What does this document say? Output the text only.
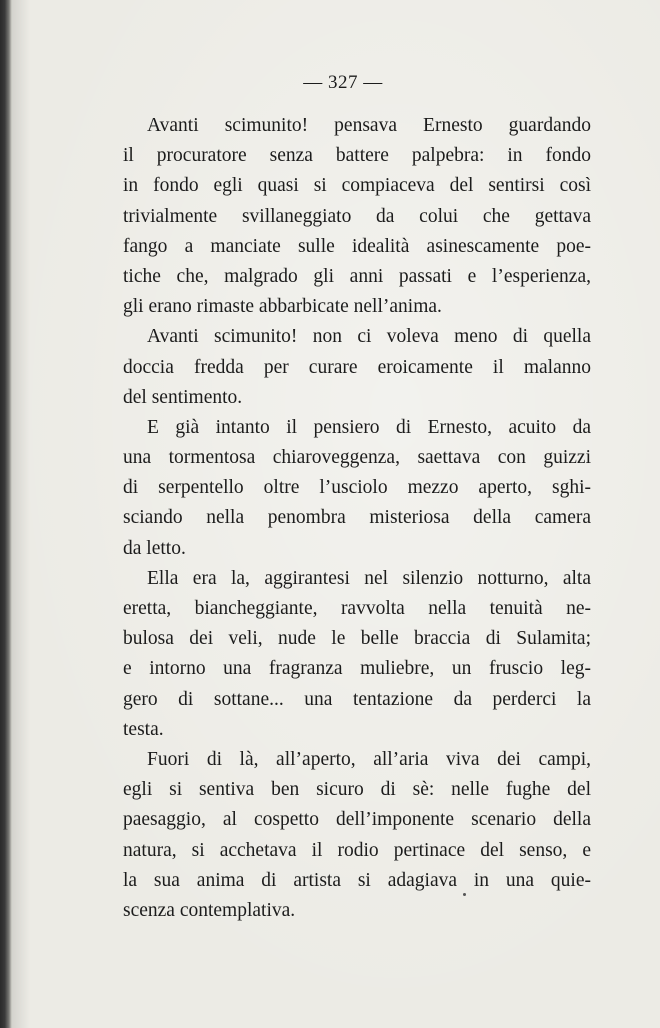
— 327 —
Avanti scimunito! pensava Ernesto guardando
il procuratore senza battere palpebra: in fondo
in fondo egli quasi si compiaceva del sentirsi così
trivialmente svillaneggiato da colui che gettava
fango a manciate sulle idealità asinescamente poe-
tiche che, malgrado gli anni passati e l’esperienza,
gli erano rimaste abbarbicate nell’anima.
Avanti scimunito! non ci voleva meno di quella
doccia fredda per curare eroicamente il malanno
del sentimento.
E già intanto il pensiero di Ernesto, acuito da
una tormentosa chiaroveggenza, saettava con guizzi
di serpentello oltre l’usciolo mezzo aperto, sghi-
sciando nella penombra misteriosa della camera
da letto.
Ella era la, aggirantesi nel silenzio notturno, alta
eretta, biancheggiante, ravvolta nella tenuità ne-
bulosa dei veli, nude le belle braccia di Sulamita;
e intorno una fragranza muliebre, un fruscio leg-
gero di sottane... una tentazione da perderci la
testa.
Fuori di là, all’aperto, all’aria viva dei campi,
egli si sentiva ben sicuro di sè: nelle fughe del
paesaggio, al cospetto dell’imponente scenario della
natura, si acchetava il rodio pertinace del senso, e
la sua anima di artista si adagiava in una quie-
scenza contemplativa.
